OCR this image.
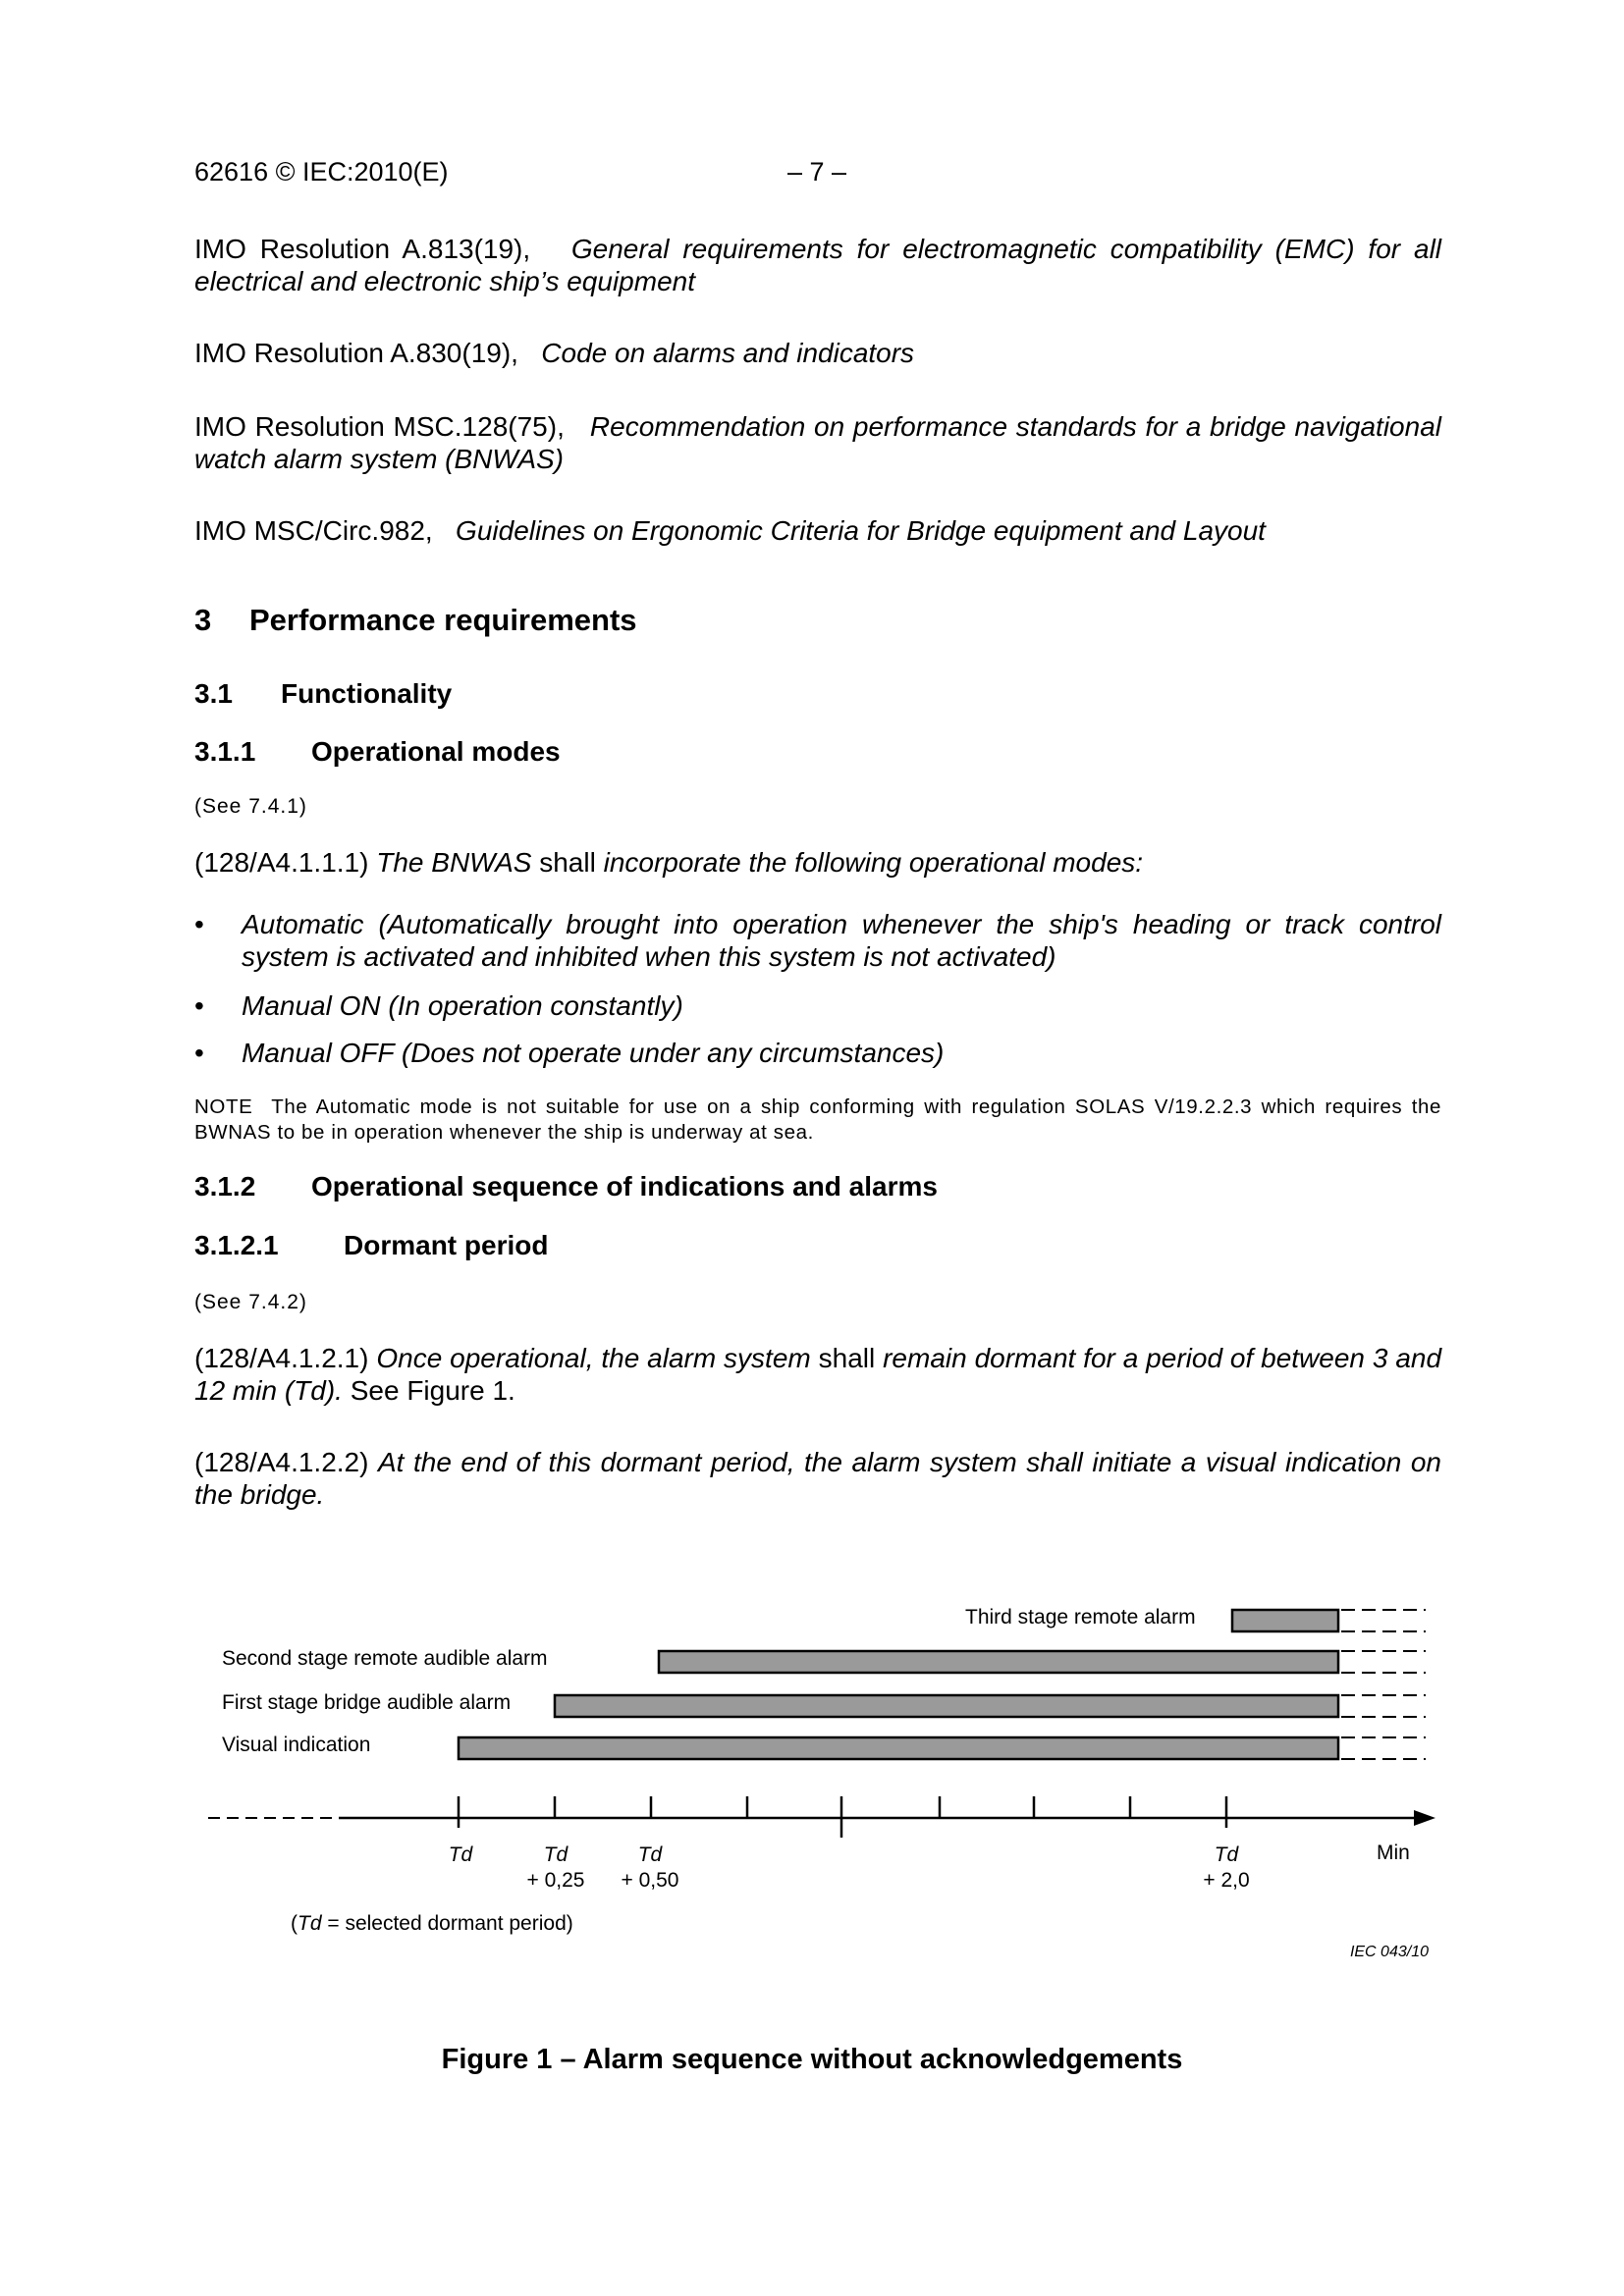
62616 © IEC:2010(E)	– 7 –

IMO Resolution A.813(19), General requirements for electromagnetic compatibility (EMC) for all electrical and electronic ship’s equipment

IMO Resolution A.830(19), Code on alarms and indicators

IMO Resolution MSC.128(75), Recommendation on performance standards for a bridge navigational watch alarm system (BNWAS)

IMO MSC/Circ.982, Guidelines on Ergonomic Criteria for Bridge equipment and Layout

3 Performance requirements
3.1 Functionality
3.1.1 Operational modes

(See 7.4.1)

(128/A4.1.1.1) The BNWAS shall incorporate the following operational modes:

• Automatic (Automatically brought into operation whenever the ship's heading or track control system is activated and inhibited when this system is not activated)
• Manual ON (In operation constantly)
• Manual OFF (Does not operate under any circumstances)

NOTE The Automatic mode is not suitable for use on a ship conforming with regulation SOLAS V/19.2.2.3 which requires the BWNAS to be in operation whenever the ship is underway at sea.

3.1.2 Operational sequence of indications and alarms
3.1.2.1 Dormant period

(See 7.4.2)

(128/A4.1.2.1) Once operational, the alarm system shall remain dormant for a period of between 3 and 12 min (Td). See Figure 1.

(128/A4.1.2.2) At the end of this dormant period, the alarm system shall initiate a visual indication on the bridge.

Third stage remote alarm
Second stage remote audible alarm
First stage bridge audible alarm
Visual indication
Td	Td
+ 0,25
Td
+ 0,50
Td
+ 2,0
Min
(Td = selected dormant period)
IEC 043/10

Figure 1 – Alarm sequence without acknowledgements
